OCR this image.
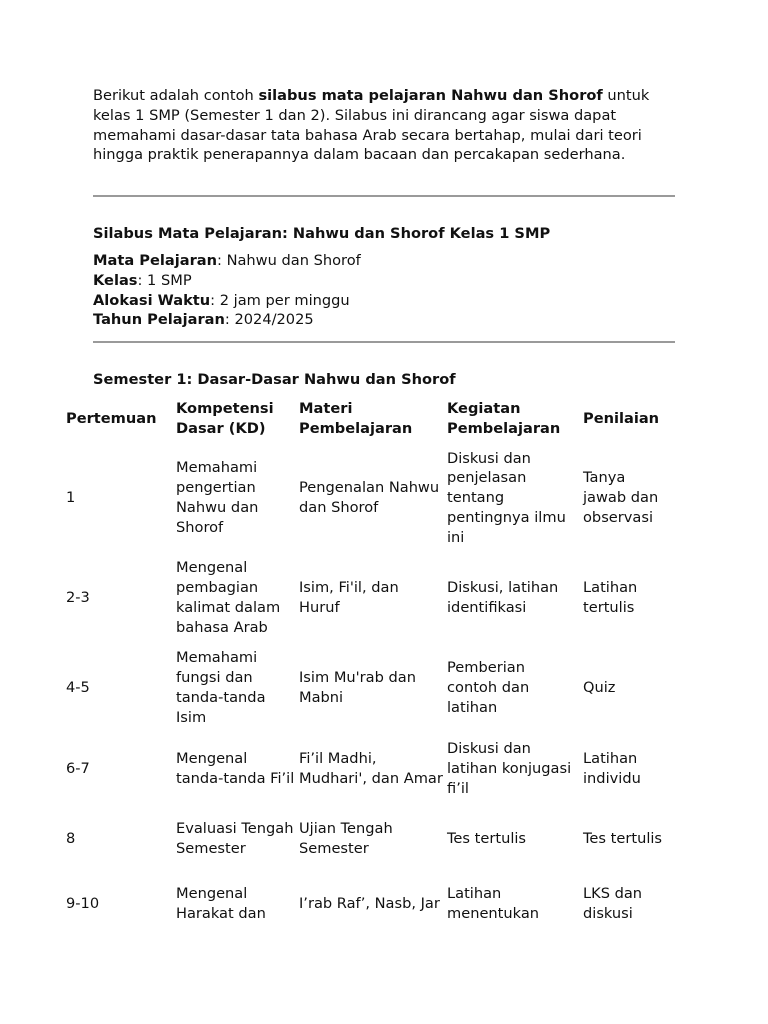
Berikut adalah contoh silabus mata pelajaran Nahwu dan Shorof untuk kelas 1 SMP (Semester 1 dan 2). Silabus ini dirancang agar siswa dapat memahami dasar-dasar tata bahasa Arab secara bertahap, mulai dari teori hingga praktik penerapannya dalam bacaan dan percakapan sederhana.

Silabus Mata Pelajaran: Nahwu dan Shorof Kelas 1 SMP
Mata Pelajaran: Nahwu dan Shorof
Kelas: 1 SMP
Alokasi Waktu: 2 jam per minggu
Tahun Pelajaran: 2024/2025
Semester 1: Dasar-Dasar Nahwu dan Shorof
Pertemuan	Kompetensi Dasar (KD)	Materi Pembelajaran	Kegiatan Pembelajaran	Penilaian
1	Memahami pengertian Nahwu dan Shorof	Pengenalan Nahwu dan Shorof	Diskusi dan penjelasan tentang pentingnya ilmu ini	Tanya jawab dan observasi
2-3	Mengenal pembagian kalimat dalam bahasa Arab	Isim, Fi'il, dan Huruf	Diskusi, latihan identifikasi	Latihan tertulis
4-5	Memahami fungsi dan tanda-tanda Isim	Isim Mu'rab dan Mabni	Pemberian contoh dan latihan	Quiz
6-7	Mengenal tanda-tanda Fi’il	Fi’il Madhi, Mudhari', dan Amar	Diskusi dan latihan konjugasi fi’il	Latihan individu
8	Evaluasi Tengah Semester	Ujian Tengah Semester	Tes tertulis	Tes tertulis
9-10	Mengenal Harakat dan	I’rab Raf’, Nasb, Jar	Latihan menentukan	LKS dan diskusi
